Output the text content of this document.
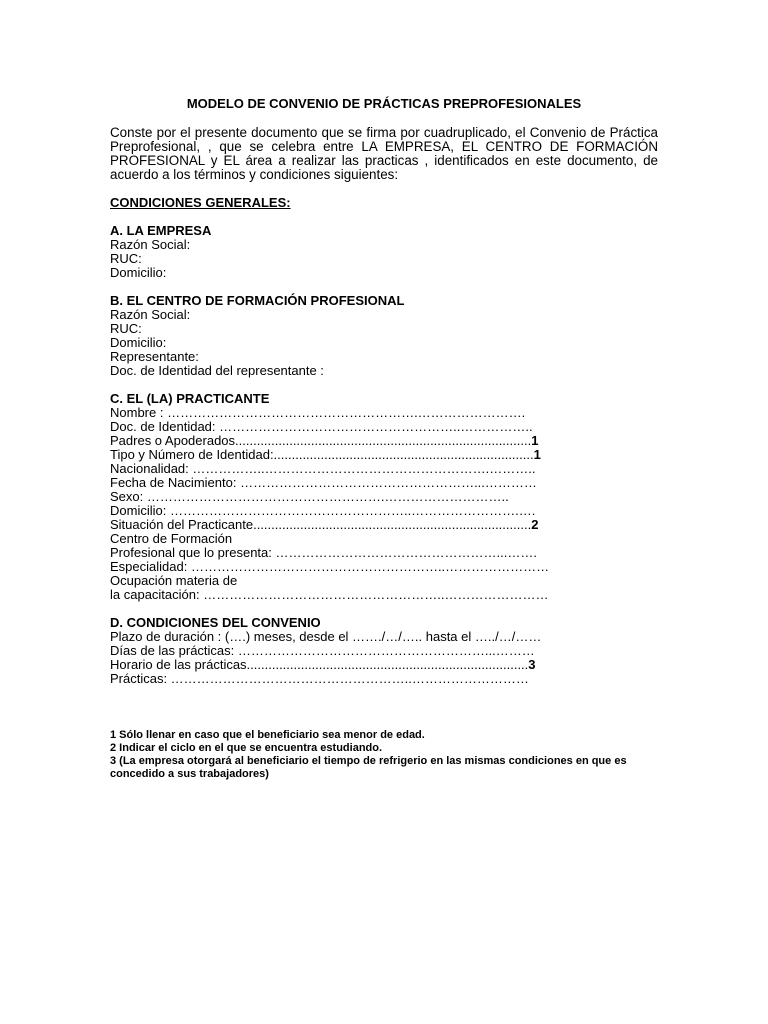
MODELO DE CONVENIO DE PRÁCTICAS PREPROFESIONALES
Conste por el presente documento que se firma por cuadruplicado, el Convenio de Práctica
Preprofesional, , que se celebra entre LA EMPRESA, EL CENTRO DE FORMACIÓN
PROFESIONAL y EL área a realizar las practicas , identificados en este documento, de
acuerdo a los términos y condiciones siguientes:
CONDICIONES GENERALES:
A. LA EMPRESA
Razón Social:
RUC:
Domicilio:
B. EL CENTRO DE FORMACIÓN PROFESIONAL
Razón Social:
RUC:
Domicilio:
Representante:
Doc. de Identidad del representante :
C. EL (LA) PRACTICANTE
Nombre : ………………………………………………….…………………….
Doc. de Identidad: ………………………………………………..……………..
Padres o Apoderados..................................................................................1
Tipo y Número de Identidad:........................................................................1
Nacionalidad: ……………..…………………………………………….………..
Fecha de Nacimiento: ………………………………………………...…………
Sexo: ……………………………………………….………………………..
Domicilio: ………………………………………………..…………………….….
Situación del Practicante.............................................................................2
Centro de Formación
Profesional que lo presenta: ……………………………………………...…….
Especialidad: …………………………………………………..……………………
Ocupación materia de
la capacitación: ………………………………………………..……………………
D. CONDICIONES DEL CONVENIO
Plazo de duración : (….) meses, desde el ……./…/….. hasta el …../…/……
Días de las prácticas: …………………………………………………...………
Horario de las prácticas..............................................................................3
Prácticas: ………………………………………………..………………………
1 Sólo llenar en caso que el beneficiario sea menor de edad.
2 Indicar el ciclo en el que se encuentra estudiando.
3 (La empresa otorgará al beneficiario el tiempo de refrigerio en las mismas condiciones en que es
concedido a sus trabajadores)
